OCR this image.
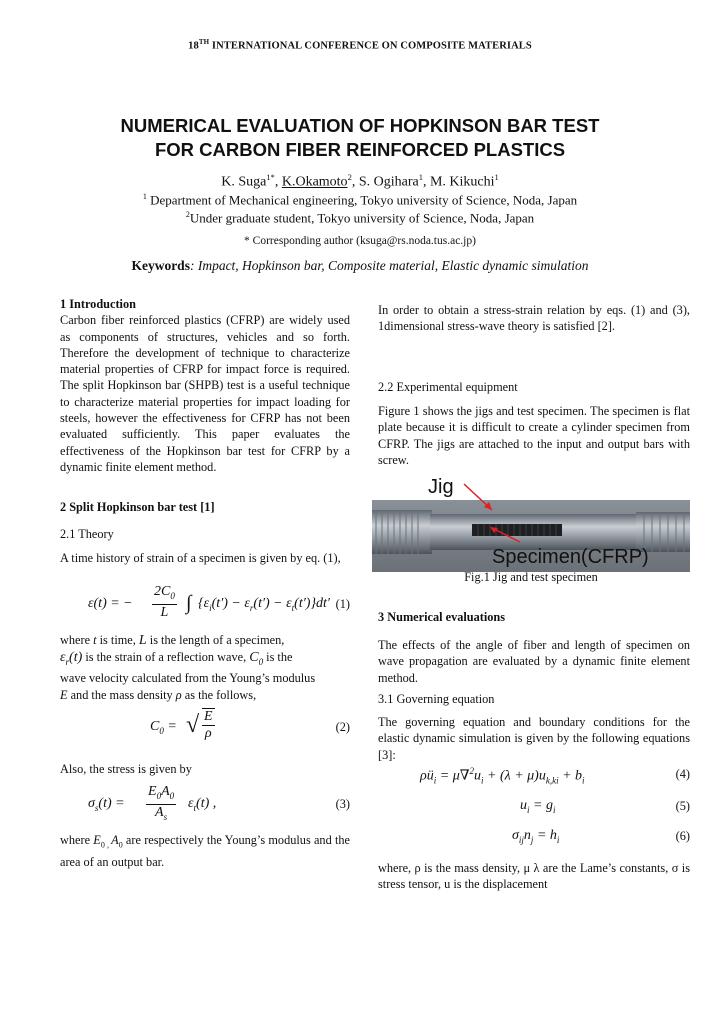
18TH INTERNATIONAL CONFERENCE ON COMPOSITE MATERIALS
NUMERICAL EVALUATION OF HOPKINSON BAR TEST
FOR CARBON FIBER REINFORCED PLASTICS
K. Suga$^{1*}$, K.Okamoto$^2$, S. Ogihara$^1$, M. Kikuchi$^1$
$^1$ Department of Mechanical engineering, Tokyo university of Science, Noda, Japan
$^2$Under graduate student, Tokyo university of Science, Noda, Japan
* Corresponding author (ksuga@rs.noda.tus.ac.jp)
Keywords: Impact, Hopkinson bar, Composite material, Elastic dynamic simulation
1 Introduction

Carbon fiber reinforced plastics (CFRP) are widely used as components of structures, vehicles and so forth. Therefore the development of technique to characterize material properties of CFRP for impact force is required. The split Hopkinson bar (SHPB) test is a useful technique to characterize material properties for impact loading for steels, however the effectiveness for CFRP has not been evaluated sufficiently. This paper evaluates the effectiveness of the Hopkinson bar test for CFRP by a dynamic finite element method.

2 Split Hopkinson bar test [1]
2.1 Theory
A time history of strain of a specimen is given by eq. (1),
ε(t) = − $\frac{2C_0}{L}$ ∫ $\{\varepsilon_i(t') - \varepsilon_r(t') - \varepsilon_t(t')\}dt'$ (1)

where t is time, L is the length of a specimen,

$\varepsilon_r(t)$ is the strain of a reflection wave, $C_0$ is the

wave velocity calculated from the Young’s modulus

E and the mass density ρ as the follows,

$C_0$ = √ $\frac{E}{\rho}$	(2)
Also, the stress is given by
$\sigma_s(t) = \frac{E_0A_0}{A_s} \varepsilon_t(t)$ ,	(3)
where $E_{0 ,}$ $A_0$ are respectively the Young’s modulus and the area of an output bar.
In order to obtain a stress-strain relation by eqs. (1) and (3), 1dimensional stress-wave theory is satisfied [2].
2.2 Experimental equipment
Figure 1 shows the jigs and test specimen. The specimen is flat plate because it is difficult to create a cylinder specimen from CFRP. The jigs are attached to the input and output bars with screw.
Jig
Specimen(CFRP)
Fig.1 Jig and test specimen
3 Numerical evaluations
The effects of the angle of fiber and length of specimen on wave propagation are evaluated by a dynamic finite element method.
3.1 Governing equation
The governing equation and boundary conditions for the elastic dynamic simulation is given by the following equations [3]:
$\rho ü_i = \mu\nabla^2u_i + (\lambda + \mu)u_{k,ki} + b_i$	(4)
$u_i = g_i$	(5)
$\sigma_{ij}n_j = h_i$	(6)
where, ρ is the mass density, μ λ are the Lame’s constants, σ is stress tensor, u is the displacement
